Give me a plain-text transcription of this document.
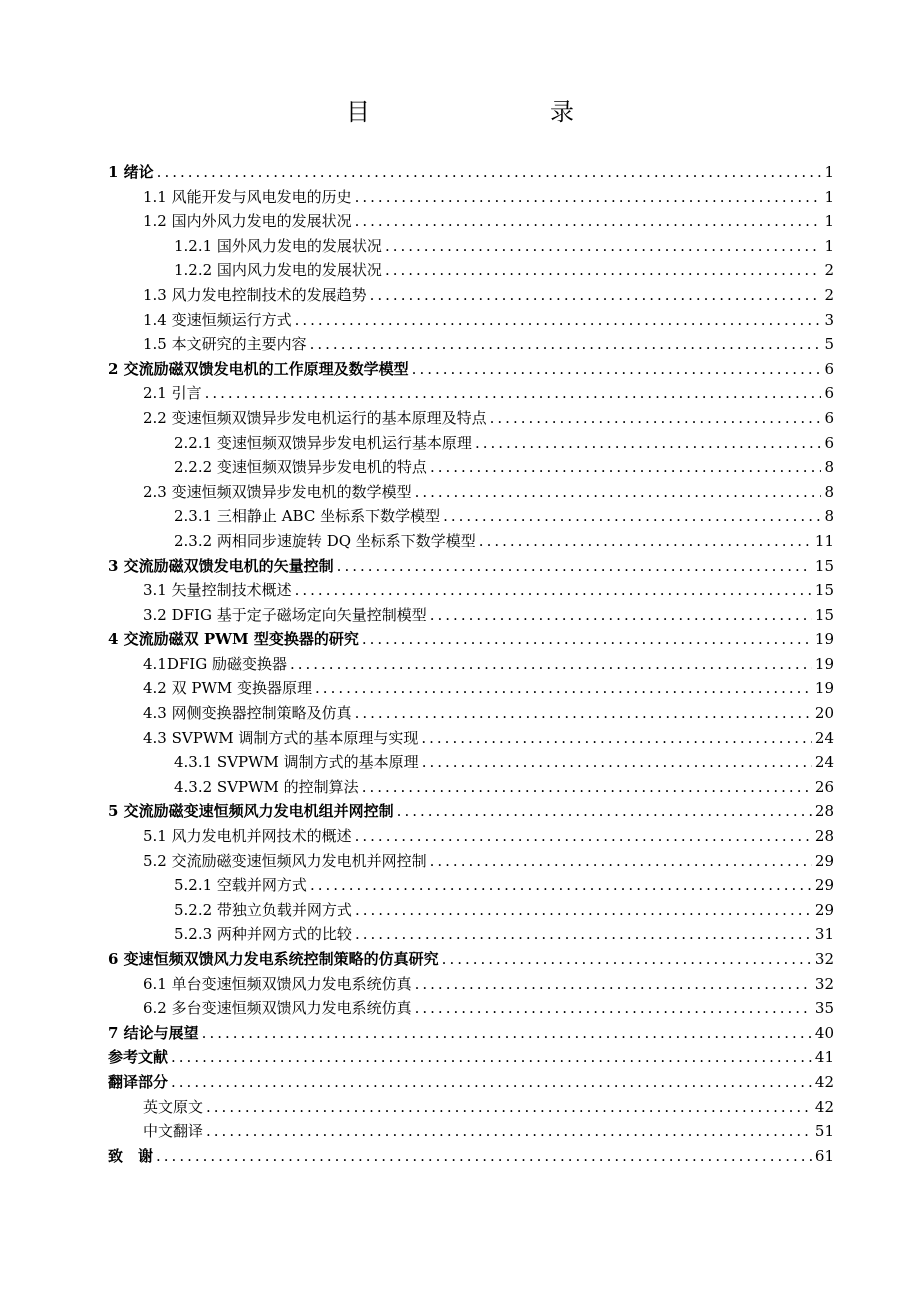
目　　录
1 绪论 .....	1
1.1 风能开发与风电发电的历史 .....	1
1.2 国内外风力发电的发展状况 .....	1
1.2.1 国外风力发电的发展状况 .....	1
1.2.2 国内风力发电的发展状况 .....	2
1.3 风力发电控制技术的发展趋势 .....	2
1.4 变速恒频运行方式 .....	3
1.5 本文研究的主要内容 .....	5
2 交流励磁双馈发电机的工作原理及数学模型 .....	6
2.1 引言 .....	6
2.2 变速恒频双馈异步发电机运行的基本原理及特点 .....	6
2.2.1 变速恒频双馈异步发电机运行基本原理 .....	6
2.2.2 变速恒频双馈异步发电机的特点 .....	8
2.3 变速恒频双馈异步发电机的数学模型 .....	8
2.3.1 三相静止 ABC 坐标系下数学模型 .....	8
2.3.2 两相同步速旋转 DQ 坐标系下数学模型 .....	11
3 交流励磁双馈发电机的矢量控制 .....	15
3.1 矢量控制技术概述 .....	15
3.2 DFIG 基于定子磁场定向矢量控制模型 .....	15
4 交流励磁双 PWM 型变换器的研究 .....	19
4.1DFIG 励磁变换器 .....	19
4.2 双 PWM 变换器原理 .....	19
4.3 网侧变换器控制策略及仿真 .....	20
4.3 SVPWM 调制方式的基本原理与实现 .....	24
4.3.1 SVPWM 调制方式的基本原理 .....	24
4.3.2 SVPWM 的控制算法 .....	26
5 交流励磁变速恒频风力发电机组并网控制 .....	28
5.1 风力发电机并网技术的概述 .....	28
5.2 交流励磁变速恒频风力发电机并网控制 .....	29
5.2.1 空载并网方式 .....	29
5.2.2 带独立负载并网方式 .....	29
5.2.3 两种并网方式的比较 .....	31
6 变速恒频双馈风力发电系统控制策略的仿真研究 .....	32
6.1 单台变速恒频双馈风力发电系统仿真 .....	32
6.2 多台变速恒频双馈风力发电系统仿真 .....	35
7 结论与展望 .....	40
参考文献 .....	41
翻译部分 .....	42
英文原文 .....	42
中文翻译 .....	51
致　谢 .....	61
